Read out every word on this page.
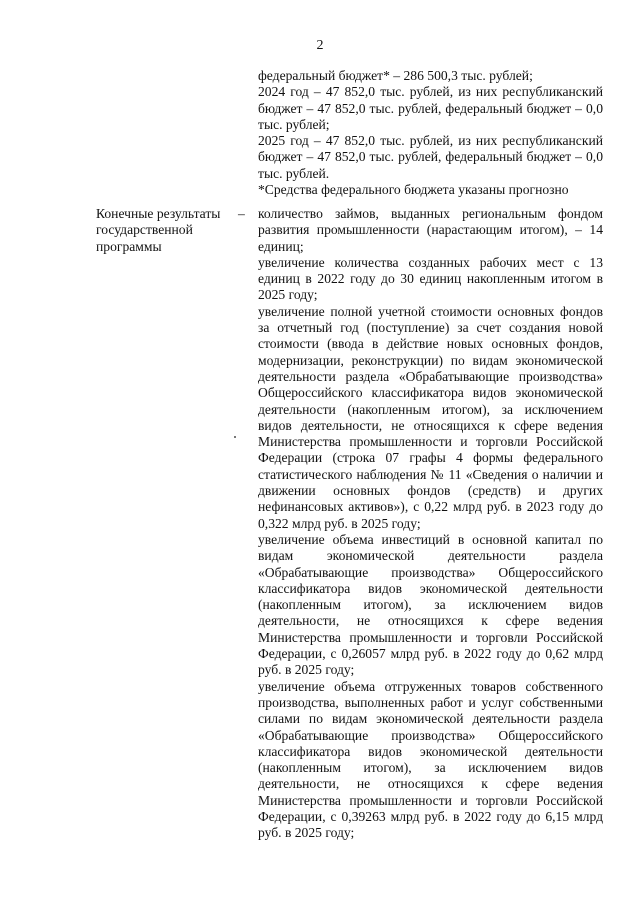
2

федеральный бюджет* – 286 500,3 тыс. рублей;

2024 год – 47 852,0 тыс. рублей, из них республиканский бюджет – 47 852,0 тыс. рублей, федеральный бюджет – 0,0 тыс. рублей;

2025 год – 47 852,0 тыс. рублей, из них республиканский бюджет – 47 852,0 тыс. рублей, федеральный бюджет – 0,0 тыс. рублей.

*Средства федерального бюджета указаны прогнозно

Конечные результаты государственной программы
– количество займов, выданных региональным фондом развития промышленности (нарастающим итогом), – 14 единиц;

увеличение количества созданных рабочих мест с 13 единиц в 2022 году до 30 единиц накопленным итогом в 2025 году;

увеличение полной учетной стоимости основных фондов за отчетный год (поступление) за счет создания новой стоимости (ввода в действие новых основных фондов, модернизации, реконструкции) по видам экономической деятельности раздела «Обрабатывающие производства» Общероссийского классификатора видов экономической деятельности (накопленным итогом), за исключением видов деятельности, не относящихся к сфере ведения Министерства промышленности и торговли Российской Федерации (строка 07 графы 4 формы федерального статистического наблюдения № 11 «Сведения о наличии и движении основных фондов (средств) и других нефинансовых активов»), с 0,22 млрд руб. в 2023 году до 0,322 млрд руб. в 2025 году;

увеличение объема инвестиций в основной капитал по видам экономической деятельности раздела «Обрабатывающие производства» Общероссийского классификатора видов экономической деятельности (накопленным итогом), за исключением видов деятельности, не относящихся к сфере ведения Министерства промышленности и торговли Российской Федерации, с 0,26057 млрд руб. в 2022 году до 0,62 млрд руб. в 2025 году;

увеличение объема отгруженных товаров собственного производства, выполненных работ и услуг собственными силами по видам экономической деятельности раздела «Обрабатывающие производства» Общероссийского классификатора видов экономической деятельности (накопленным итогом), за исключением видов деятельности, не относящихся к сфере ведения Министерства промышленности и торговли Российской Федерации, с 0,39263 млрд руб. в 2022 году до 6,15 млрд руб. в 2025 году;
